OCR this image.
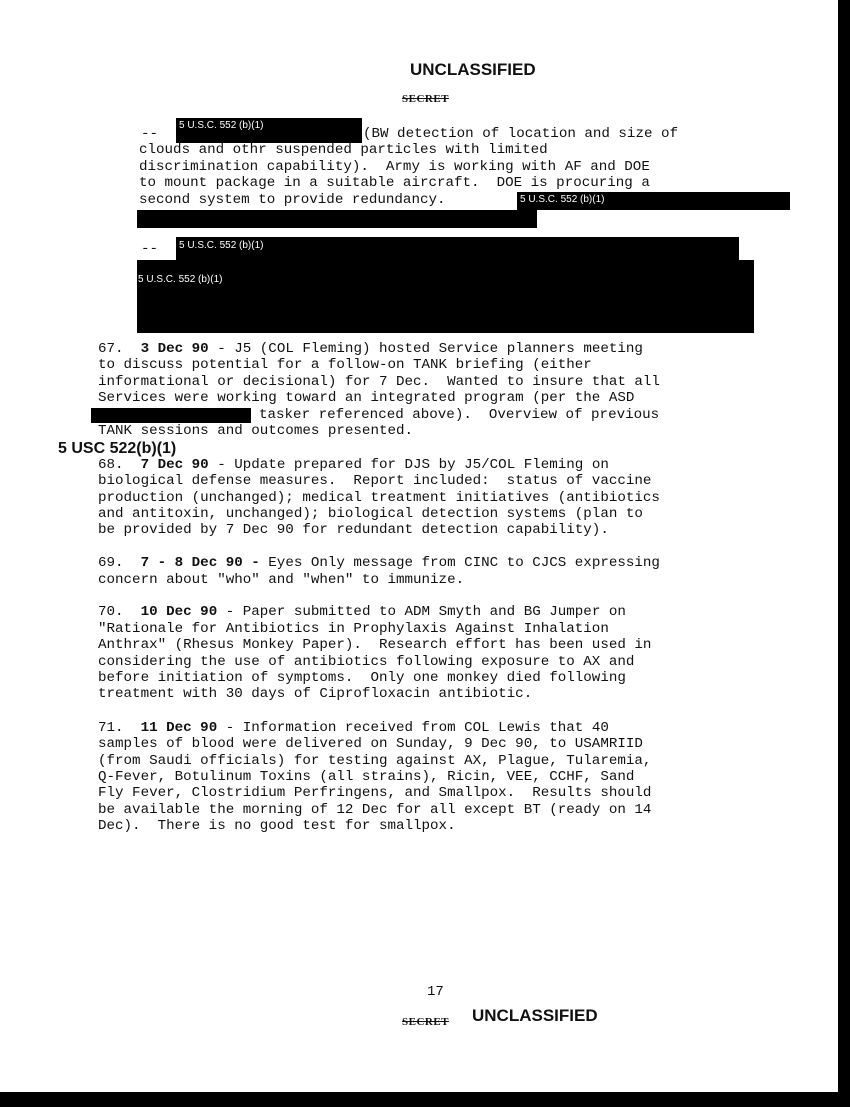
UNCLASSIFIED
SECRET
--
5 U.S.C. 552 (b)(1)
(BW detection of location and size of
clouds and othr suspended particles with limited
discrimination capability).  Army is working with AF and DOE
to mount package in a suitable aircraft.  DOE is procuring a
second system to provide redundancy.	5 U.S.C. 552 (b)(1)
-- 5 U.S.C. 552 (b)(1)
5 U.S.C. 552 (b)(1)
67. 3 Dec 90 - J5 (COL Fleming) hosted Service planners meeting
to discuss potential for a follow-on TANK briefing (either
informational or decisional) for 7 Dec.  Wanted to insure that all
Services were working toward an integrated program (per the ASD
tasker referenced above).  Overview of previous
TANK sessions and outcomes presented.
5 USC 522(b)(1)
68. 7 Dec 90 - Update prepared for DJS by J5/COL Fleming on
biological defense measures.  Report included:  status of vaccine
production (unchanged); medical treatment initiatives (antibiotics
and antitoxin, unchanged); biological detection systems (plan to
be provided by 7 Dec 90 for redundant detection capability).
69. 7 - 8 Dec 90 - Eyes Only message from CINC to CJCS expressing
concern about "who" and "when" to immunize.
70. 10 Dec 90 - Paper submitted to ADM Smyth and BG Jumper on
"Rationale for Antibiotics in Prophylaxis Against Inhalation
Anthrax" (Rhesus Monkey Paper).  Research effort has been used in
considering the use of antibiotics following exposure to AX and
before initiation of symptoms.  Only one monkey died following
treatment with 30 days of Ciprofloxacin antibiotic.
71. 11 Dec 90 - Information received from COL Lewis that 40
samples of blood were delivered on Sunday, 9 Dec 90, to USAMRIID
(from Saudi officials) for testing against AX, Plague, Tularemia,
Q-Fever, Botulinum Toxins (all strains), Ricin, VEE, CCHF, Sand
Fly Fever, Clostridium Perfringens, and Smallpox.  Results should
be available the morning of 12 Dec for all except BT (ready on 14
Dec).  There is no good test for smallpox.
17
SECRET UNCLASSIFIED
